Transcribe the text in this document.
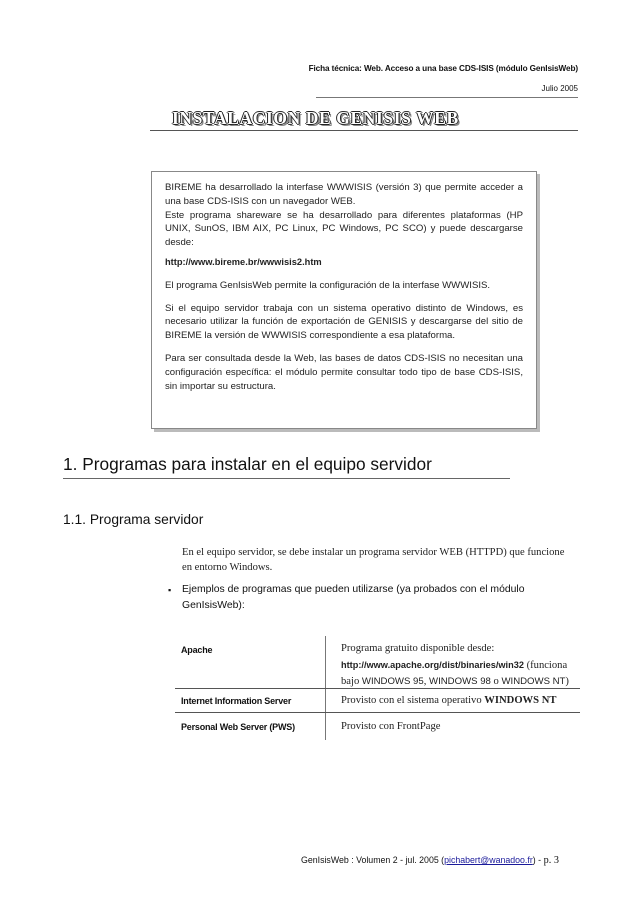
Ficha técnica: Web. Acceso a una base CDS-ISIS (módulo GenIsisWeb)
Julio 2005
INSTALACION DE GENISIS WEB

BIREME ha desarrollado la interfase WWWISIS (versión 3) que permite acceder a una base CDS-ISIS con un navegador WEB.
Este programa shareware se ha desarrollado para diferentes plataformas (HP UNIX, SunOS, IBM AIX, PC Linux, PC Windows, PC SCO) y puede descargarse desde:

http://www.bireme.br/wwwisis2.htm

El programa GenIsisWeb permite la configuración de la interfase WWWISIS.

Si el equipo servidor trabaja con un sistema operativo distinto de Windows, es necesario utilizar la función de exportación de GENISIS y descargarse del sitio de BIREME la versión de WWWISIS correspondiente a esa plataforma.

Para ser consultada desde la Web, las bases de datos CDS-ISIS no necesitan una configuración específica: el módulo permite consultar todo tipo de base CDS-ISIS, sin importar su estructura.

1. Programas para instalar en el equipo servidor
1.1. Programa servidor
En el equipo servidor, se debe instalar un programa servidor WEB (HTTPD) que funcione en entorno Windows.
▪ Ejemplos de programas que pueden utilizarse (ya probados con el módulo GenIsisWeb):
Apache	Programa gratuito disponible desde:
http://www.apache.org/dist/binaries/win32 (funciona
bajo WINDOWS 95, WINDOWS 98 o WINDOWS NT)
Internet Information Server	Provisto con el sistema operativo WINDOWS NT
Personal Web Server (PWS)	Provisto con FrontPage
GenIsisWeb : Volumen 2 - jul. 2005 (pichabert@wanadoo.fr) - p. 3
